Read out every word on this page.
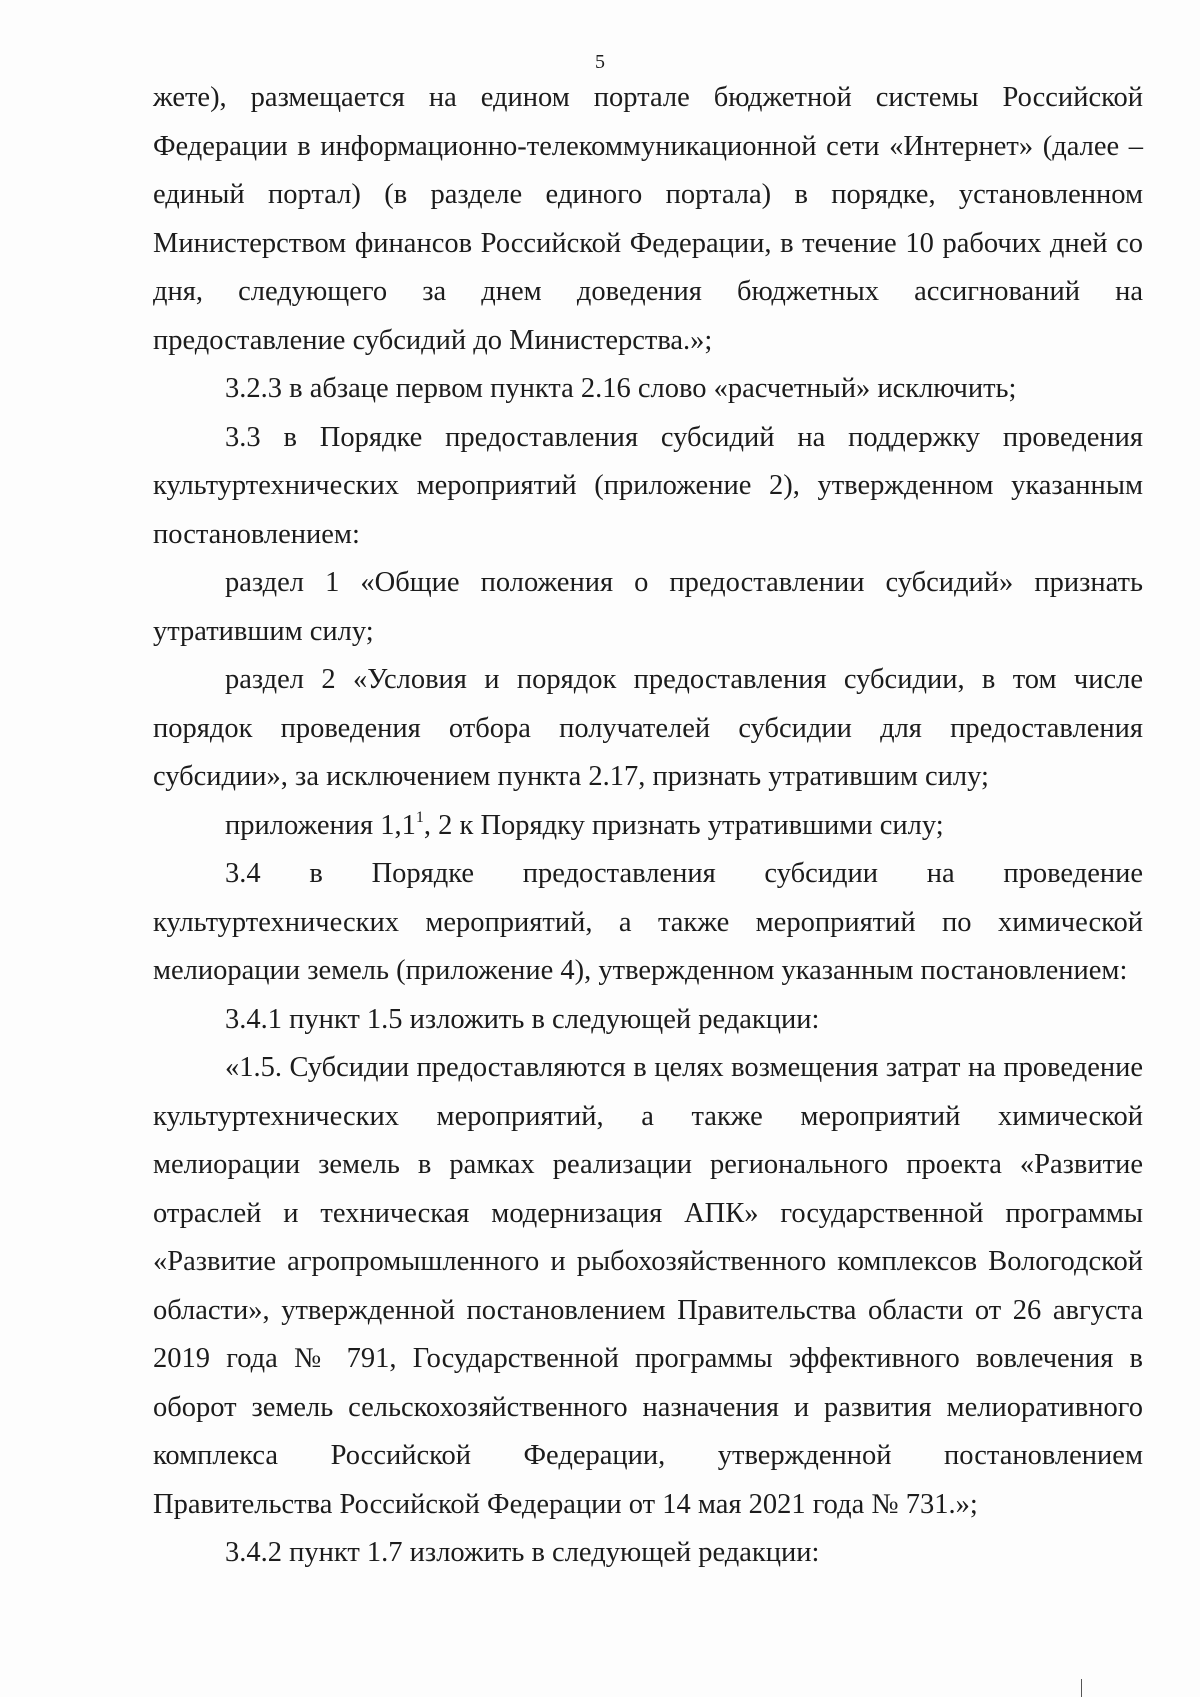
5

жете), размещается на едином портале бюджетной системы Российской Федерации в информационно-телекоммуникационной сети «Интернет» (далее – единый портал) (в разделе единого портала) в порядке, установленном Министерством финансов Российской Федерации, в течение 10 рабочих дней со дня, следующего за днем доведения бюджетных ассигнований на предоставление субсидий до Министерства.»;

3.2.3 в абзаце первом пункта 2.16 слово «расчетный» исключить;

3.3 в Порядке предоставления субсидий на поддержку проведения культуртехнических мероприятий (приложение 2), утвержденном указанным постановлением:

раздел 1 «Общие положения о предоставлении субсидий» признать утратившим силу;

раздел 2 «Условия и порядок предоставления субсидии, в том числе порядок проведения отбора получателей субсидии для предоставления субсидии», за исключением пункта 2.17, признать утратившим силу;

приложения $1,1^1$, 2 к Порядку признать утратившими силу;

3.4 в Порядке предоставления субсидии на проведение культуртехнических мероприятий, а также мероприятий по химической мелиорации земель (приложение 4), утвержденном указанным постановлением:

3.4.1 пункт 1.5 изложить в следующей редакции:

«1.5. Субсидии предоставляются в целях возмещения затрат на проведение культуртехнических мероприятий, а также мероприятий химической мелиорации земель в рамках реализации регионального проекта «Развитие отраслей и техническая модернизация АПК» государственной программы «Развитие агропромышленного и рыбохозяйственного комплексов Вологодской области», утвержденной постановлением Правительства области от 26 августа 2019 года № 791, Государственной программы эффективного вовлечения в оборот земель сельскохозяйственного назначения и развития мелиоративного комплекса Российской Федерации, утвержденной постановлением Правительства Российской Федерации от 14 мая 2021 года № 731.»;

3.4.2 пункт 1.7 изложить в следующей редакции:
